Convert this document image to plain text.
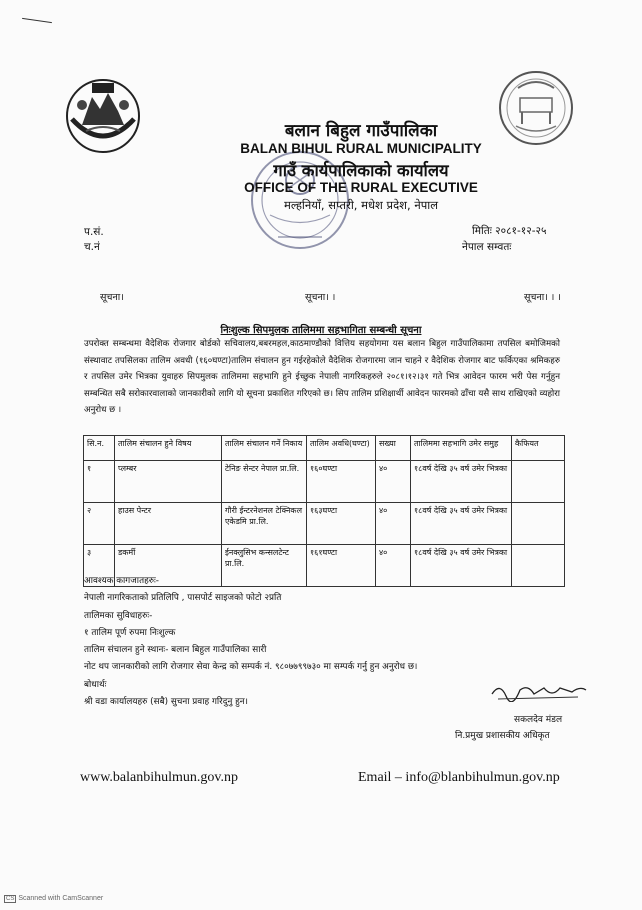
बलान बिहुल गाउँपालिका
BALAN BIHUL RURAL MUNICIPALITY
गाउँ कार्यपालिकाको कार्यालय
OFFICE OF THE RURAL EXECUTIVE
मल्हनियाँ, सप्तरी, मधेश प्रदेश, नेपाल
प.सं.
च.नं
मितिः २०८१-१२-२५
नेपाल सम्वतः
सूचना।	सूचना। ।	सूचना। । ।
निःशुल्क सिपमुलक तालिममा सहभागिता सम्बन्धी सूचना
उपरोक्त सम्बन्धमा वैदेशिक रोजगार बोर्डको सचिवालय,बबरमहल,काठमाण्डौको वित्तिय सहयोगमा यस बलान बिहुल गाउँपालिकामा तपसिल बमोजिमको संस्थावाट तपसिलका तालिम अवधी (१६०घण्टा)तालिम संचालन हुन गईरहेकोले वैदेशिक रोजगारमा जान चाहने र वैदेशिक रोजगार बाट फर्किएका श्रमिकहरु र तपसिल उमेर भित्रका युवाहरु सिपमुलक तालिममा सहभागि हुने ईच्छुक नेपाली नागरिकहरुले २०८१।१२।३१ गते भित्र आवेदन फारम भरी पेस गर्नुहुन सम्बन्धित सबै सरोकारवालाको जानकारीको लागि यो सूचना प्रकाशित गरिएको छ। सिप तालिम प्रशिक्षार्थी आवेदन फारमको ढाँचा यसै साथ राखिएको व्यहोरा अनुरोध छ ।
सि.न.	तालिम संचालन हुने विषय	तालिम संचालन गर्ने निकाय	तालिम अवधि(घण्टा)	सख्या	तालिममा सहभागि उमेर समुह	कैफियत
१	प्लम्बर	टेनिङ सेन्टर नेपाल प्रा.लि.	१६०घण्टा	४०	१८वर्ष देखि ३५ वर्ष उमेर भित्रका	
२	हाउस पेन्टर	गौरी ईन्टरनेशनल टेक्निकल एकेडमि प्रा.लि.	१६३घण्टा	४०	१८वर्ष देखि ३५ वर्ष उमेर भित्रका	
३	डकर्मी	ईनक्लुसिभ कन्सलटेन्ट प्रा.लि.	१६१घण्टा	४०	१८वर्ष देखि ३५ वर्ष उमेर भित्रका	
आवश्यक कागजातहरुः-
नेपाली नागरिकताको प्रतिलिपि , पासपोर्ट साइजको फोटो २प्रति
तालिमका सुविधाहरुः-
१ तालिम पूर्ण रुपमा निःशुल्क
तालिम संचालन हुने स्थानः- बलान बिहुल गाउँपालिका सारी
नोट थप जानकारीको लागि रोजगार सेवा केन्द्र को सम्पर्क नं. ९८०७७९९७३० मा सम्पर्क गर्नु हुन अनुरोध छ।
बोधार्थः
श्री वडा कार्यालयहरु (सबै) सुचना प्रवाह गरिदुनु हुन।
सकलदेव मंडल
नि.प्रमुख प्रशासकीय अधिकृत
www.balanbihulmun.gov.np	Email – info@blanbihulmun.gov.np
CS Scanned with CamScanner
